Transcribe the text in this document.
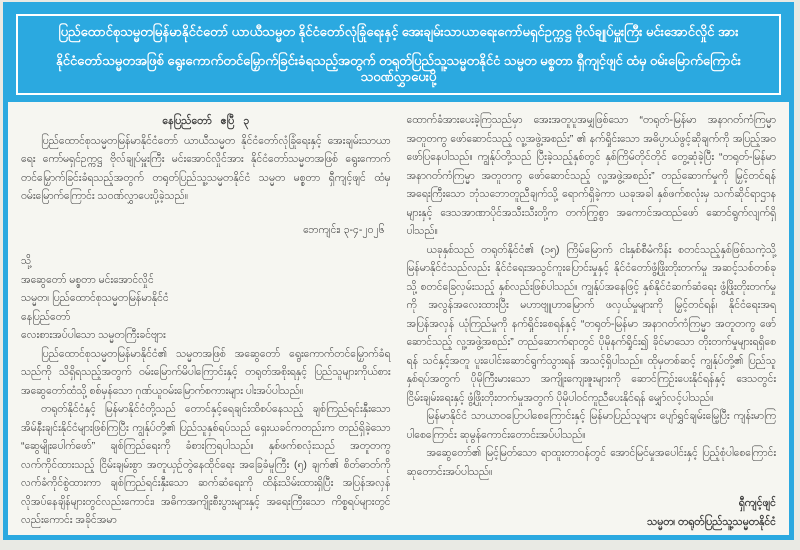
ပြည်ထောင်စုသမ္မတမြန်မာနိုင်ငံတော် ယာယီသမ္မတ နိုင်ငံတော်လုံခြုံရေးနှင့် အေးချမ်းသာယာရေးကော်မရှင်ဥက္ကဋ္ဌ ဗိုလ်ချုပ်မှူးကြီး မင်းအောင်လှိုင် အား

နိုင်ငံတော်သမ္မတအဖြစ် ရွေးကောက်တင်မြှောက်ခြင်းခံရသည့်အတွက် တရုတ်ပြည်သူ့သမ္မတနိုင်ငံ သမ္မတ မစ္စတာ ရှီကျင့်ဖျင် ထံမှ ဝမ်းမြောက်ကြောင်း သဝဏ်လွှာပေးပို့

နေပြည်တော် ဧပြီ ၃

ပြည်ထောင်စုသမ္မတမြန်မာနိုင်ငံတော် ယာယီသမ္မတ နိုင်ငံတော်လုံခြုံရေးနှင့် အေးချမ်းသာယာရေး ကော်မရှင်ဥက္ကဋ္ဌ ဗိုလ်ချုပ်မှူးကြီး မင်းအောင်လှိုင်အား နိုင်ငံတော်သမ္မတအဖြစ် ရွေးကောက်တင်မြှောက်ခြင်းခံရသည့်အတွက် တရုတ်ပြည်သူ့သမ္မတနိုင်ငံ သမ္မတ မစ္စတာ ရှီကျင့်ဖျင် ထံမှ ဝမ်းမြောက်ကြောင်း သဝဏ်လွှာပေးပို့ခဲ့သည်။

ဘေကျင်း၊ ၃-၄-၂၀၂၆

သို့

အဆွေတော် မစ္စတာ မင်းအောင်လှိုင်

သမ္မတ၊ ပြည်ထောင်စုသမ္မတမြန်မာနိုင်ငံ

နေပြည်တော်

လေးစားအပ်ပါသော သမ္မတကြီးခင်ဗျား

ပြည်ထောင်စုသမ္မတမြန်မာနိုင်ငံ၏ သမ္မတအဖြစ် အဆွေတော် ရွေးကောက်တင်မြှောက်ခံရသည်ကို သိရှိရသည့်အတွက် ဝမ်းမြောက်မိပါကြောင်းနှင့် တရုတ်အစိုးရနှင့် ပြည်သူများကိုယ်စား အဆွေတော်ထံသို့ စစ်မှန်သော ဂုဏ်ယူဝမ်းမြောက်စကားများ ပါးအပ်ပါသည်။

တရုတ်နိုင်ငံနှင့် မြန်မာနိုင်ငံတို့သည် တောင်နှင့်ရေချင်းထိစပ်နေသည့် ချစ်ကြည်ရင်းနှီးသော အိမ်နီးချင်းနိုင်ငံများဖြစ်ကြပြီး ကျွန်ုပ်တို့၏ ပြည်သူနှစ်ရပ်သည် ရှေးယခင်ကတည်းက တည်ရှိခဲ့သော “ဆွေမျိုးပေါက်ဖော်” ချစ်ကြည်ရေးကို ခံစားကြရပါသည်။ နှစ်ဖက်စလုံးသည် အတူတကွ လက်ကိုင်ထားသည့် ငြိမ်းချမ်းစွာ အတူယှဉ်တွဲနေထိုင်ရေး အခြေခံမူကြီး (၅) ချက်၏ စိတ်ဓာတ်ကို လက်ခံကိုင်စွဲထားကာ ချစ်ကြည်ရင်းနှီးသော ဆက်ဆံရေးကို ထိန်းသိမ်းထားရှိပြီး အပြန်အလှန် လိုအပ်နေချိန်များတွင်လည်းကောင်း၊ အဓိကအကျိုးစီးပွားများနှင့် အရေးကြီးသော ကိစ္စရပ်များတွင်လည်းကောင်း အခိုင်အမာ

ထောက်ခံအားပေးခဲ့ကြသည်မှာ အေးအတူပူအမျှဖြစ်သော “တရုတ်-မြန်မာ အနာဂတ်ကံကြမ္မာ အတူတကွ ဖော်ဆောင်သည့် လူ့အဖွဲ့အစည်း” ၏ နက်ရှိုင်းသော အဓိပ္ပာယ်ဖွင့်ဆိုချက်ကို အပြည့်အဝ ဖော်ပြနေပါသည်။ ကျွန်ုပ်တို့သည် ပြီးခဲ့သည့်နှစ်တွင် နှစ်ကြိမ်တိုင်တိုင် တွေ့ဆုံခဲ့ပြီး “တရုတ်-မြန်မာ အနာဂတ်ကံကြမ္မာ အတူတကွ ဖော်ဆောင်သည့် လူ့အဖွဲ့အစည်း” တည်ဆောက်မှုကို မြှင့်တင်ရန် အရေးကြီးသော ဘုံသဘောတူညီချက်သို့ ရောက်ရှိခဲ့ကာ ယခုအခါ နှစ်ဖက်စလုံးမှ သက်ဆိုင်ရာဌာနများနှင့် ဒေသအာဏာပိုင်အသီးသီးတို့က တက်ကြွစွာ အကောင်အထည်ဖော် ဆောင်ရွက်လျက်ရှိပါသည်။

ယခုနှစ်သည် တရုတ်နိုင်ငံ၏ (၁၅) ကြိမ်မြောက် ငါးနှစ်စီမံကိန်း စတင်သည့်နှစ်ဖြစ်သကဲ့သို့ မြန်မာနိုင်ငံသည်လည်း နိုင်ငံရေးအသွင်ကူးပြောင်းမှုနှင့် နိုင်ငံတော်ဖွံ့ဖြိုးတိုးတက်မှု အဆင့်သစ်တစ်ခုသို့ စတင်ခြေလှမ်းသည့် နှစ်လည်းဖြစ်ပါသည်။ ကျွန်ုပ်အနေဖြင့် နှစ်နိုင်ငံဆက်ဆံရေး ဖွံ့ဖြိုးတိုးတက်မှုကို အလွန်အလေးထားပြီး မဟာဗျူဟာမြောက် ဖလှယ်မှုများကို မြှင့်တင်ရန်၊ နိုင်ငံရေးအရ အပြန်အလှန် ယုံကြည်မှုကို နက်ရှိုင်းစေရန်နှင့် “တရုတ်-မြန်မာ အနာဂတ်ကံကြမ္မာ အတူတကွ ဖော်ဆောင်သည့် လူ့အဖွဲ့အစည်း” တည်ဆောက်ရာတွင် ပိုမိုနက်ရှိုင်း၍ ခိုင်မာသော တိုးတက်မှုများရရှိစေရန် သင်နှင့်အတူ ပူးပေါင်းဆောင်ရွက်သွားရန် အသင့်ရှိပါသည်။ ထိုမှတစ်ဆင့် ကျွန်ုပ်တို့၏ ပြည်သူနှစ်ရပ်အတွက် ပိုမိုကြီးမားသော အကျိုးကျေးဇူးများကို ဆောင်ကြဉ်းပေးနိုင်ရန်နှင့် ဒေသတွင်း ငြိမ်းချမ်းရေးနှင့် ဖွံ့ဖြိုးတိုးတက်မှုအတွက် ပိုမိုပါဝင်ကူညီပေးနိုင်ရန် မျှော်လင့်ပါသည်။

မြန်မာနိုင်ငံ သာယာဝပြောပါစေကြောင်းနှင့် မြန်မာပြည်သူများ ပျော်ရွှင်ချမ်းမြေ့ပြီး ကျန်းမာကြပါစေကြောင်း ဆုမွန်ကောင်းတောင်းအပ်ပါသည်။

အဆွေတော်၏ မြင့်မြတ်သော ရာထူးတာဝန်တွင် အောင်မြင်မှုအပေါင်းနှင့် ပြည့်စုံပါစေကြောင်း ဆုတောင်းအပ်ပါသည်။

ရှီကျင့်ဖျင်

သမ္မတ၊ တရုတ်ပြည်သူ့သမ္မတနိုင်ငံ
